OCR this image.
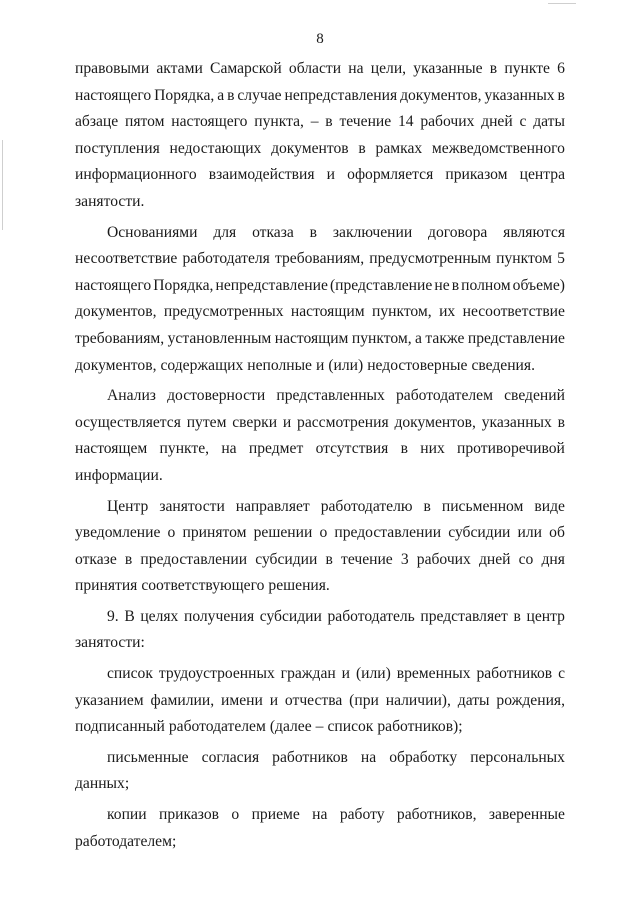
8
правовыми актами Самарской области на цели, указанные в пункте 6
настоящего Порядка, а в случае непредставления документов, указанных в
абзаце пятом настоящего пункта, – в течение 14 рабочих дней с даты
поступления недостающих документов в рамках межведомственного
информационного взаимодействия и оформляется приказом центра
занятости.
Основаниями для отказа в заключении договора являются
несоответствие работодателя требованиям, предусмотренным пунктом 5
настоящего Порядка, непредставление (представление не в полном объеме)
документов, предусмотренных настоящим пунктом, их несоответствие
требованиям, установленным настоящим пунктом, а также представление
документов, содержащих неполные и (или) недостоверные сведения.
Анализ достоверности представленных работодателем сведений
осуществляется путем сверки и рассмотрения документов, указанных в
настоящем пункте, на предмет отсутствия в них противоречивой
информации.
Центр занятости направляет работодателю в письменном виде
уведомление о принятом решении о предоставлении субсидии или об
отказе в предоставлении субсидии в течение 3 рабочих дней со дня
принятия соответствующего решения.
9. В целях получения субсидии работодатель представляет в центр
занятости:
список трудоустроенных граждан и (или) временных работников с
указанием фамилии, имени и отчества (при наличии), даты рождения,
подписанный работодателем (далее – список работников);
письменные согласия работников на обработку персональных
данных;
копии приказов о приеме на работу работников, заверенные
работодателем;
